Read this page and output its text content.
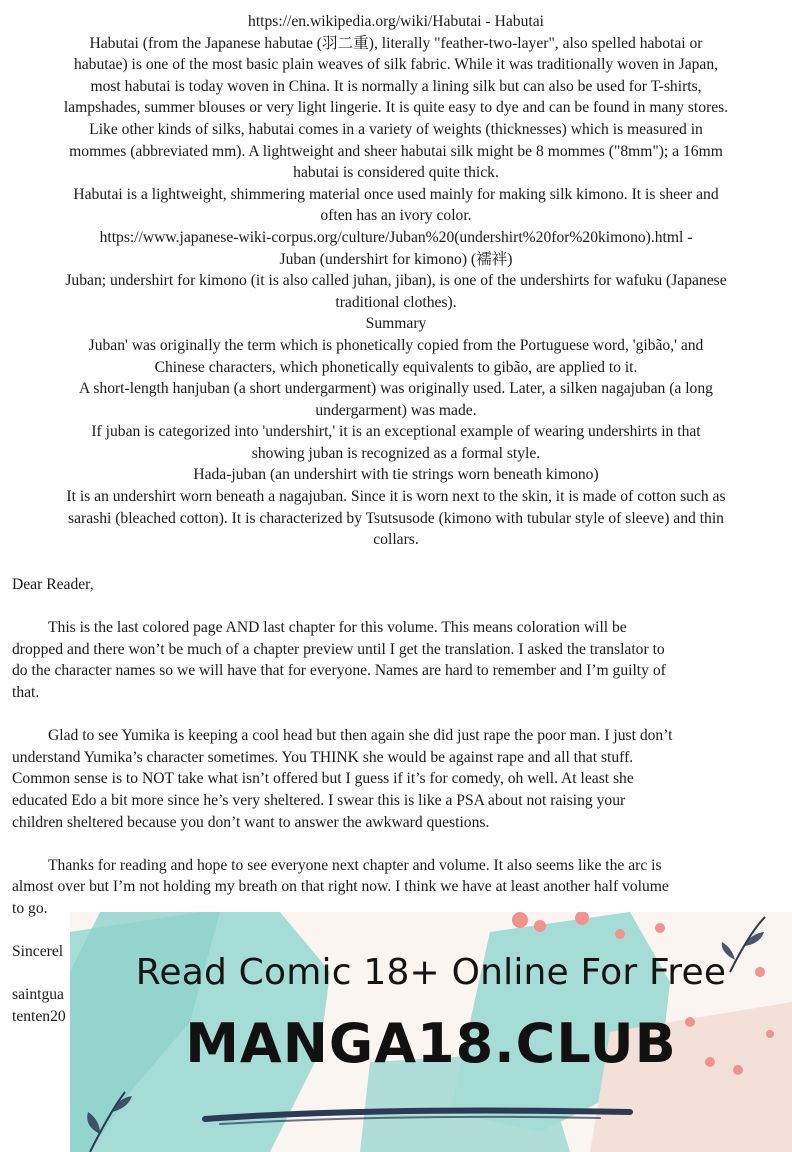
https://en.wikipedia.org/wiki/Habutai - Habutai

Habutai (from the Japanese habutae (羽二重), literally "feather-two-layer", also spelled habotai or

habutae) is one of the most basic plain weaves of silk fabric. While it was traditionally woven in Japan,

most habutai is today woven in China. It is normally a lining silk but can also be used for T-shirts,

lampshades, summer blouses or very light lingerie. It is quite easy to dye and can be found in many stores.

Like other kinds of silks, habutai comes in a variety of weights (thicknesses) which is measured in

mommes (abbreviated mm). A lightweight and sheer habutai silk might be 8 mommes ("8mm"); a 16mm

habutai is considered quite thick.

Habutai is a lightweight, shimmering material once used mainly for making silk kimono. It is sheer and

often has an ivory color.

https://www.japanese-wiki-corpus.org/culture/Juban%20(undershirt%20for%20kimono).html -

Juban (undershirt for kimono) (襦袢)

Juban; undershirt for kimono (it is also called juhan, jiban), is one of the undershirts for wafuku (Japanese

traditional clothes).

Summary

Juban' was originally the term which is phonetically copied from the Portuguese word, 'gibão,' and

Chinese characters, which phonetically equivalents to gibão, are applied to it.

A short-length hanjuban (a short undergarment) was originally used. Later, a silken nagajuban (a long

undergarment) was made.

If juban is categorized into 'undershirt,' it is an exceptional example of wearing undershirts in that

showing juban is recognized as a formal style.

Hada-juban (an undershirt with tie strings worn beneath kimono)

It is an undershirt worn beneath a nagajuban. Since it is worn next to the skin, it is made of cotton such as

sarashi (bleached cotton). It is characterized by Tsutsusode (kimono with tubular style of sleeve) and thin

collars.

Dear Reader,

This is the last colored page AND last chapter for this volume. This means coloration will be

dropped and there won’t be much of a chapter preview until I get the translation. I asked the translator to

do the character names so we will have that for everyone. Names are hard to remember and I’m guilty of

that.

Glad to see Yumika is keeping a cool head but then again she did just rape the poor man. I just don’t

understand Yumika’s character sometimes. You THINK she would be against rape and all that stuff.

Common sense is to NOT take what isn’t offered but I guess if it’s for comedy, oh well. At least she

educated Edo a bit more since he’s very sheltered. I swear this is like a PSA about not raising your

children sheltered because you don’t want to answer the awkward questions.

Thanks for reading and hope to see everyone next chapter and volume. It also seems like the arc is

almost over but I’m not holding my breath on that right now. I think we have at least another half volume

to go.

Sincerel

saintgua

tenten20

Read Comic 18+ Online For Free
MANGA18.CLUB
